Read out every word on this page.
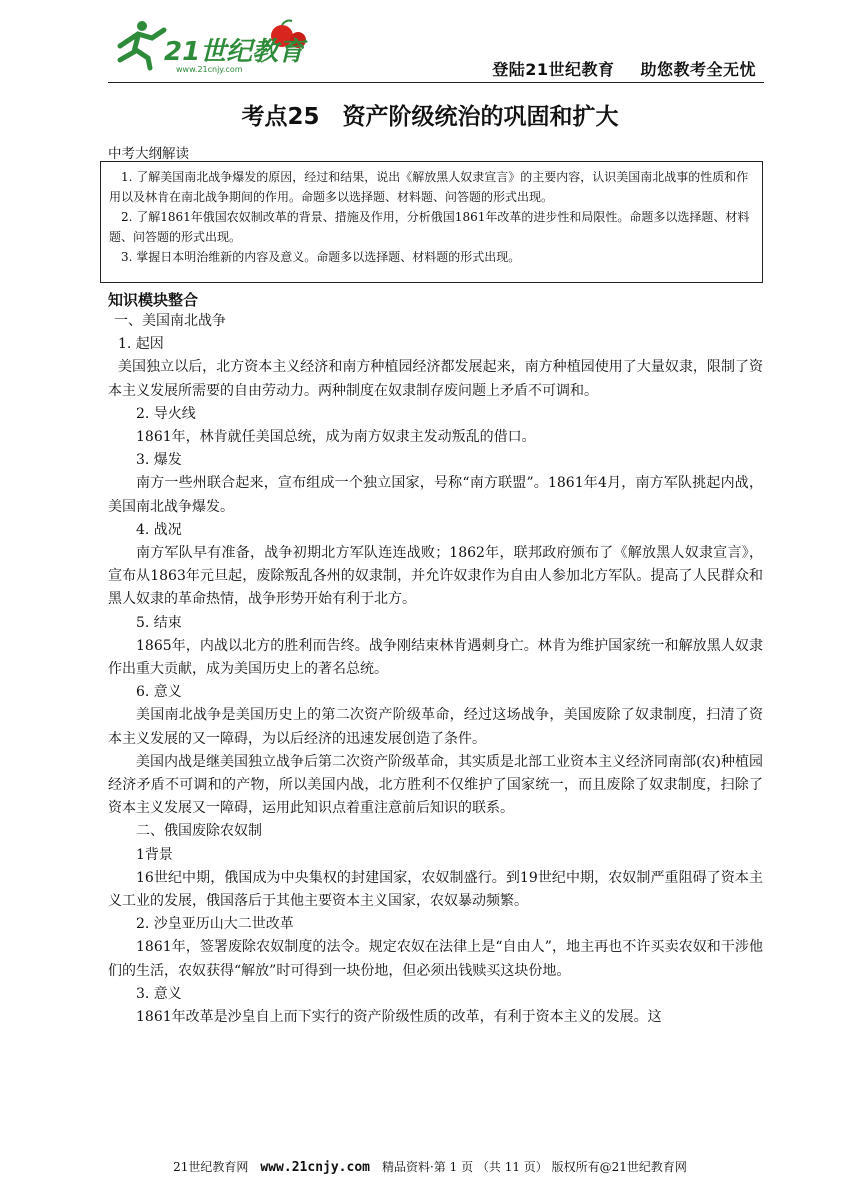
21世纪教育
www.21cnjy.com	登陆21世纪教育 助您教考全无忧
考点25　资产阶级统治的巩固和扩大
中考大纲解读

1. 了解美国南北战争爆发的原因，经过和结果，说出《解放黑人奴隶宣言》的主要内容，认识美国南北战事的性质和作用以及林肯在南北战争期间的作用。命题多以选择题、材料题、问答题的形式出现。

2. 了解1861年俄国农奴制改革的背景、措施及作用，分析俄国1861年改革的进步性和局限性。命题多以选择题、材料题、问答题的形式出现。

3. 掌握日本明治维新的内容及意义。命题多以选择题、材料题的形式出现。

知识模块整合

一、美国南北战争

1. 起因

美国独立以后，北方资本主义经济和南方种植园经济都发展起来，南方种植园使用了大量奴隶，限制了资本主义发展所需要的自由劳动力。两种制度在奴隶制存废问题上矛盾不可调和。

2. 导火线

1861年，林肯就任美国总统，成为南方奴隶主发动叛乱的借口。

3. 爆发

南方一些州联合起来，宣布组成一个独立国家，号称“南方联盟”。1861年4月，南方军队挑起内战，美国南北战争爆发。

4. 战况

南方军队早有准备，战争初期北方军队连连战败；1862年，联邦政府颁布了《解放黑人奴隶宣言》，宣布从1863年元旦起，废除叛乱各州的奴隶制，并允许奴隶作为自由人参加北方军队。提高了人民群众和黑人奴隶的革命热情，战争形势开始有利于北方。

5. 结束

1865年，内战以北方的胜利而告终。战争刚结束林肯遇刺身亡。林肯为维护国家统一和解放黑人奴隶作出重大贡献，成为美国历史上的著名总统。

6. 意义

美国南北战争是美国历史上的第二次资产阶级革命，经过这场战争，美国废除了奴隶制度，扫清了资本主义发展的又一障碍，为以后经济的迅速发展创造了条件。

美国内战是继美国独立战争后第二次资产阶级革命，其实质是北部工业资本主义经济同南部(农)种植园经济矛盾不可调和的产物，所以美国内战，北方胜利不仅维护了国家统一，而且废除了奴隶制度，扫除了资本主义发展又一障碍，运用此知识点着重注意前后知识的联系。

二、俄国废除农奴制

1背景

16世纪中期，俄国成为中央集权的封建国家，农奴制盛行。到19世纪中期，农奴制严重阻碍了资本主义工业的发展，俄国落后于其他主要资本主义国家，农奴暴动频繁。

2. 沙皇亚历山大二世改革

1861年，签署废除农奴制度的法令。规定农奴在法律上是“自由人”，地主再也不许买卖农奴和干涉他们的生活，农奴获得“解放”时可得到一块份地，但必须出钱赎买这块份地。

3. 意义

1861年改革是沙皇自上而下实行的资产阶级性质的改革，有利于资本主义的发展。这

21世纪教育网 www.21cnjy.com 精品资料·第 1 页 （共 11 页） 版权所有@21世纪教育网
